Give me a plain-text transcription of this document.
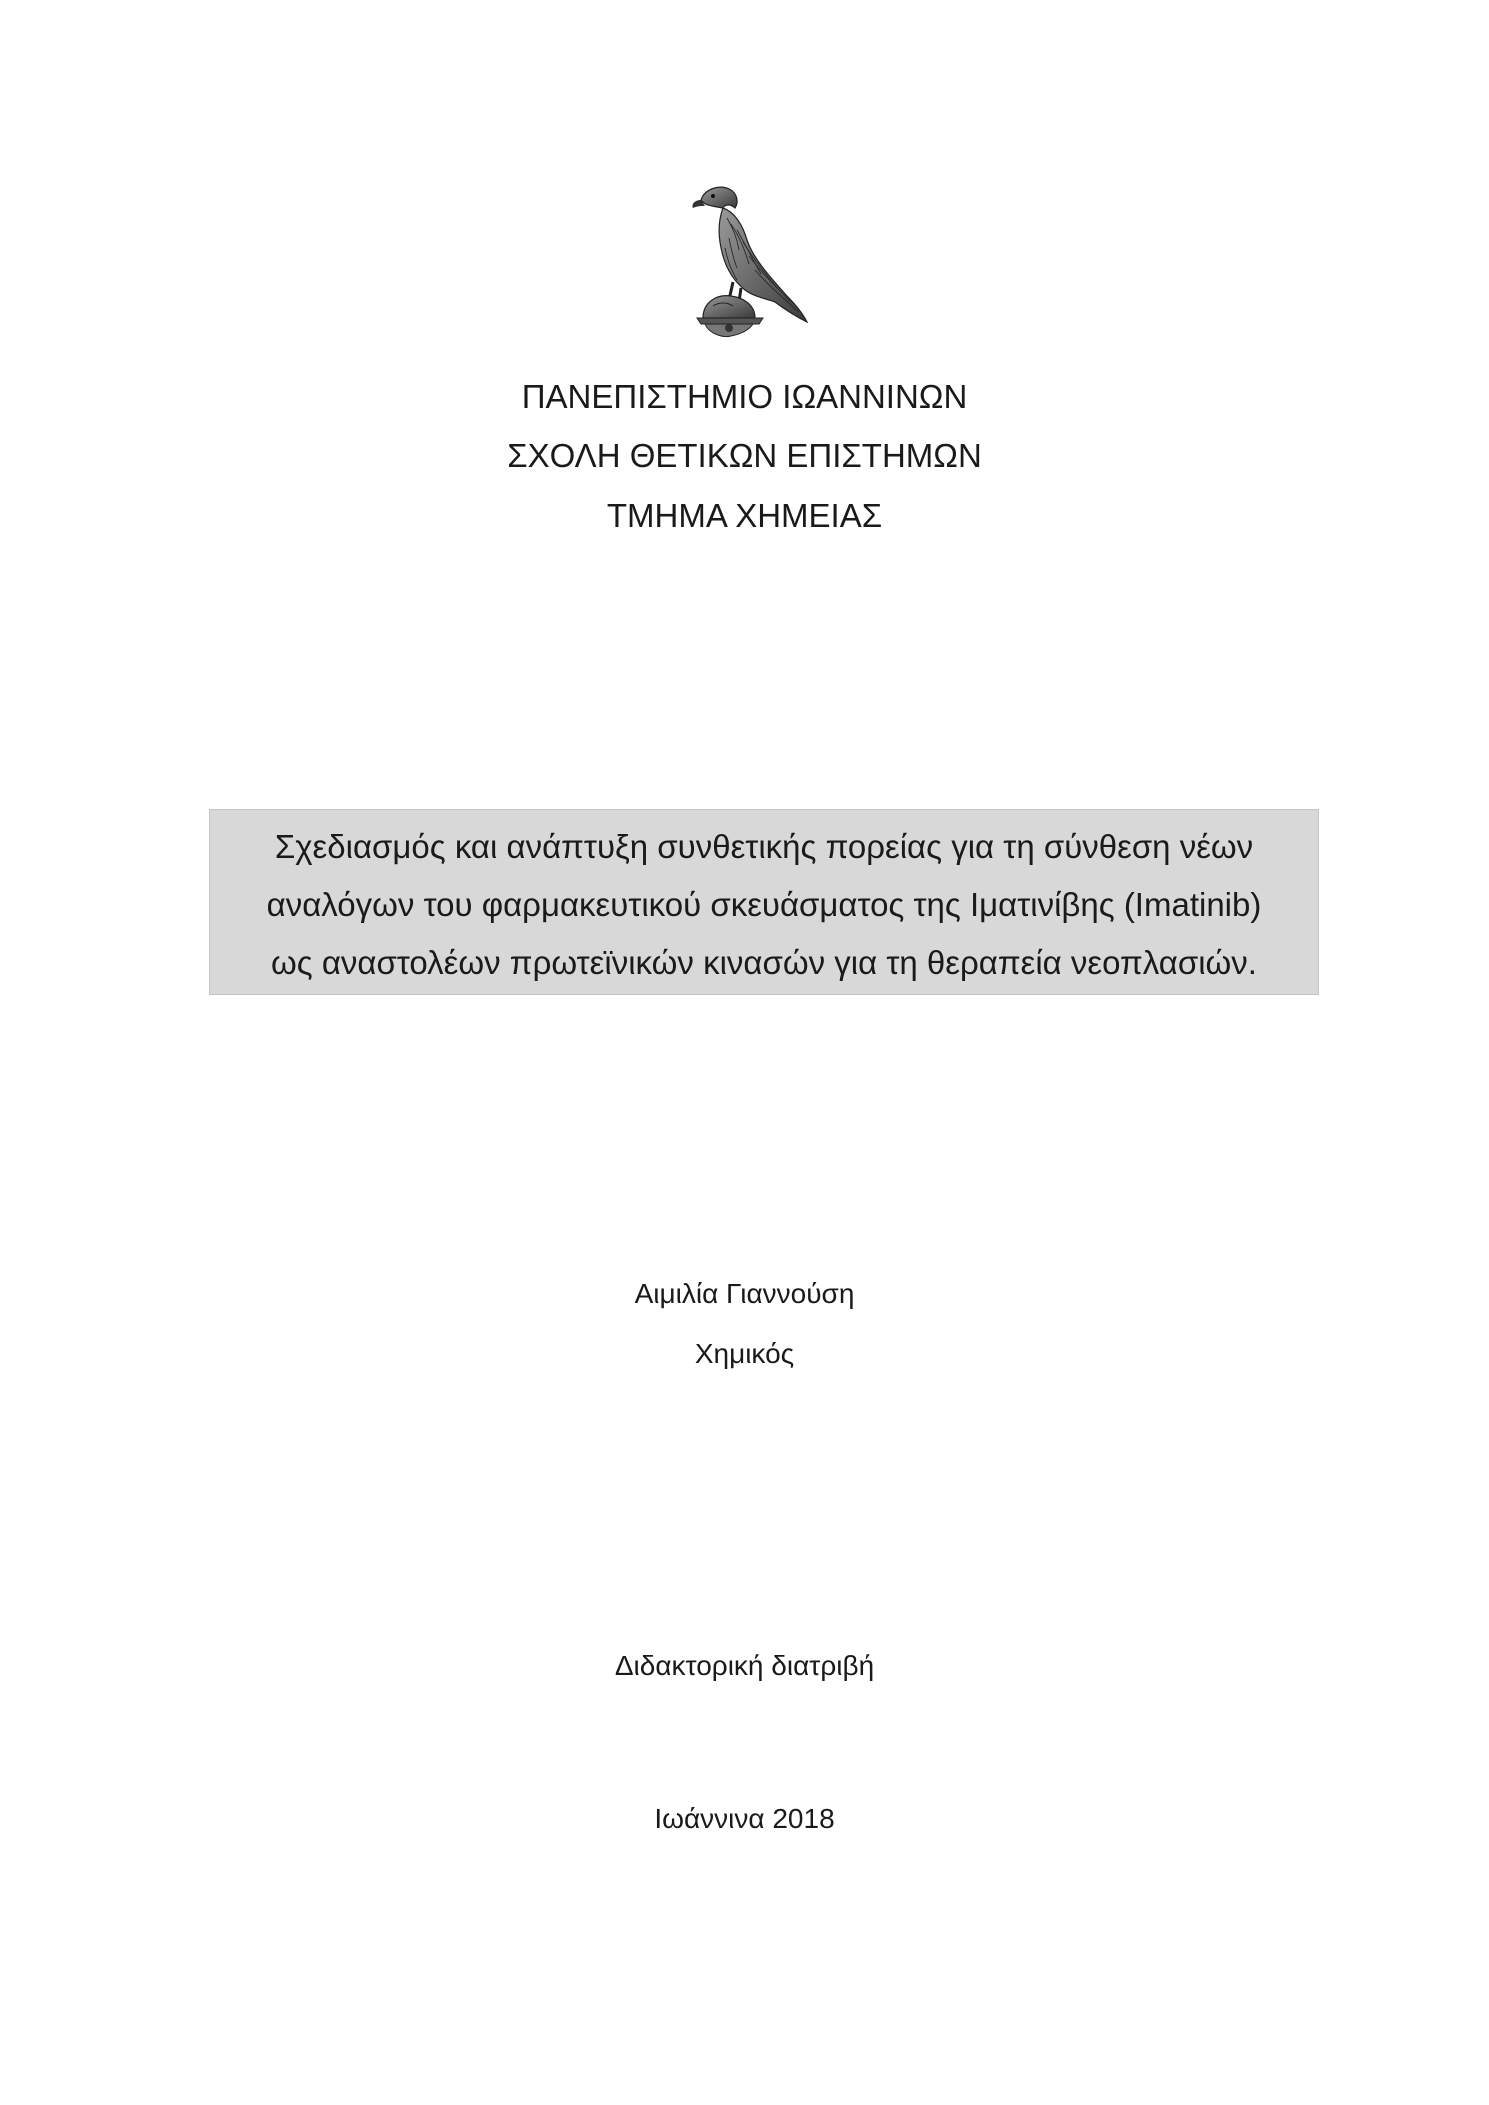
ΠΑΝΕΠΙΣΤΗΜΙΟ ΙΩΑΝΝΙΝΩΝ
ΣΧΟΛΗ ΘΕΤΙΚΩΝ ΕΠΙΣΤΗΜΩΝ
ΤΜΗΜΑ ΧΗΜΕΙΑΣ
Σχεδιασμός και ανάπτυξη συνθετικής πορείας για τη σύνθεση νέων
αναλόγων του φαρμακευτικού σκευάσματος της Ιματινίβης (Imatinib)
ως αναστολέων πρωτεϊνικών κινασών για τη θεραπεία νεοπλασιών.
Αιμιλία Γιαννούση
Χημικός
Διδακτορική διατριβή
Ιωάννινα 2018
